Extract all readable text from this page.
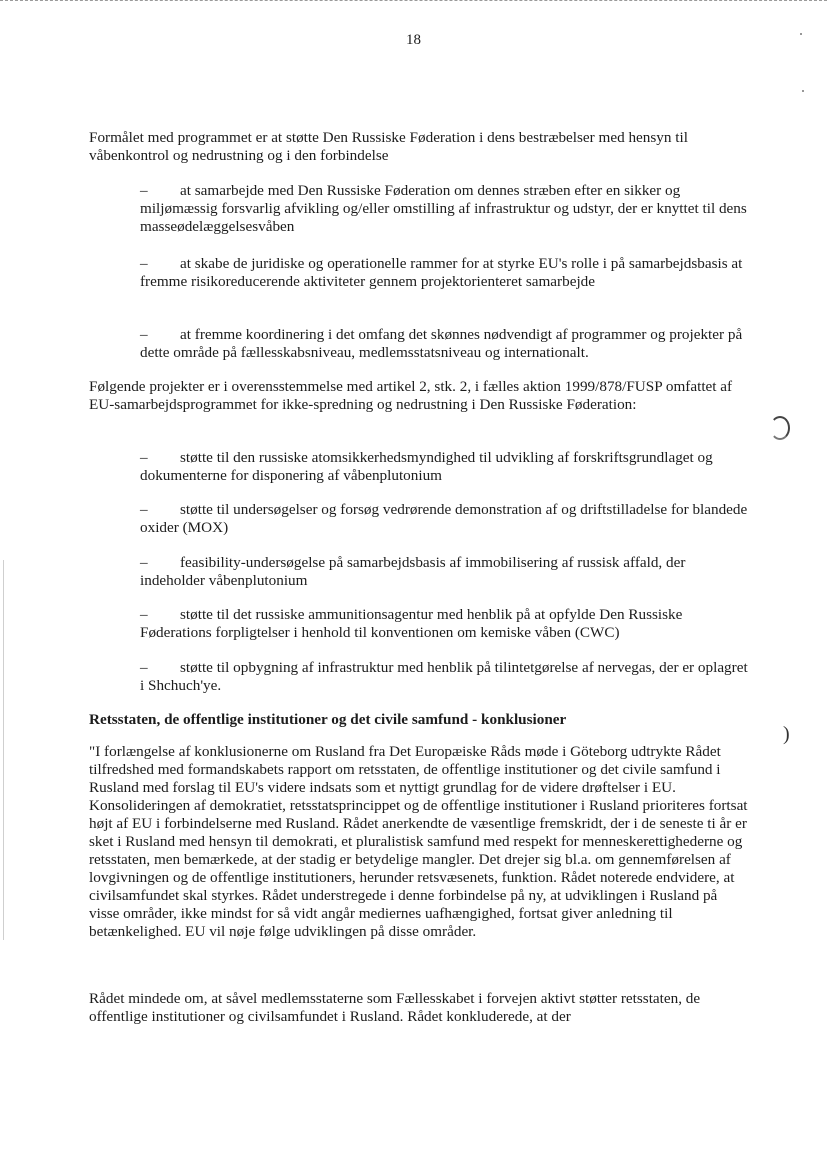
18

Formålet med programmet er at støtte Den Russiske Føderation i dens bestræbelser med hensyn til våbenkontrol og nedrustning og i den forbindelse

– at samarbejde med Den Russiske Føderation om dennes stræben efter en sikker og miljømæssig forsvarlig afvikling og/eller omstilling af infrastruktur og udstyr, der er knyttet til dens masseødelæggelsesvåben

– at skabe de juridiske og operationelle rammer for at styrke EU's rolle i på samarbejdsbasis at fremme risikoreducerende aktiviteter gennem projektorienteret samarbejde

– at fremme koordinering i det omfang det skønnes nødvendigt af programmer og projekter på dette område på fællesskabsniveau, medlemsstatsniveau og internationalt.

Følgende projekter er i overensstemmelse med artikel 2, stk. 2, i fælles aktion 1999/878/FUSP omfattet af EU-samarbejdsprogrammet for ikke-spredning og nedrustning i Den Russiske Føderation:

– støtte til den russiske atomsikkerhedsmyndighed til udvikling af forskriftsgrundlaget og dokumenterne for disponering af våbenplutonium

– støtte til undersøgelser og forsøg vedrørende demonstration af og driftstilladelse for blandede oxider (MOX)

– feasibility-undersøgelse på samarbejdsbasis af immobilisering af russisk affald, der indeholder våbenplutonium

– støtte til det russiske ammunitionsagentur med henblik på at opfylde Den Russiske Føderations forpligtelser i henhold til konventionen om kemiske våben (CWC)

– støtte til opbygning af infrastruktur med henblik på tilintetgørelse af nervegas, der er oplagret i Shchuch'ye.

Retsstaten, de offentlige institutioner og det civile samfund - konklusioner

"I forlængelse af konklusionerne om Rusland fra Det Europæiske Råds møde i Göteborg udtrykte Rådet tilfredshed med formandskabets rapport om retsstaten, de offentlige institutioner og det civile samfund i Rusland med forslag til EU's videre indsats som et nyttigt grundlag for de videre drøftelser i EU. Konsolideringen af demokratiet, retsstatsprincippet og de offentlige institutioner i Rusland prioriteres fortsat højt af EU i forbindelserne med Rusland. Rådet anerkendte de væsentlige fremskridt, der i de seneste ti år er sket i Rusland med hensyn til demokrati, et pluralistisk samfund med respekt for menneskerettighederne og retsstaten, men bemærkede, at der stadig er betydelige mangler. Det drejer sig bl.a. om gennemførelsen af lovgivningen og de offentlige institutioners, herunder retsvæsenets, funktion. Rådet noterede endvidere, at civilsamfundet skal styrkes. Rådet understregede i denne forbindelse på ny, at udviklingen i Rusland på visse områder, ikke mindst for så vidt angår mediernes uafhængighed, fortsat giver anledning til betænkelighed. EU vil nøje følge udviklingen på disse områder.

Rådet mindede om, at såvel medlemsstaterne som Fællesskabet i forvejen aktivt støtter retsstaten, de offentlige institutioner og civilsamfundet i Rusland. Rådet konkluderede, at der

)
